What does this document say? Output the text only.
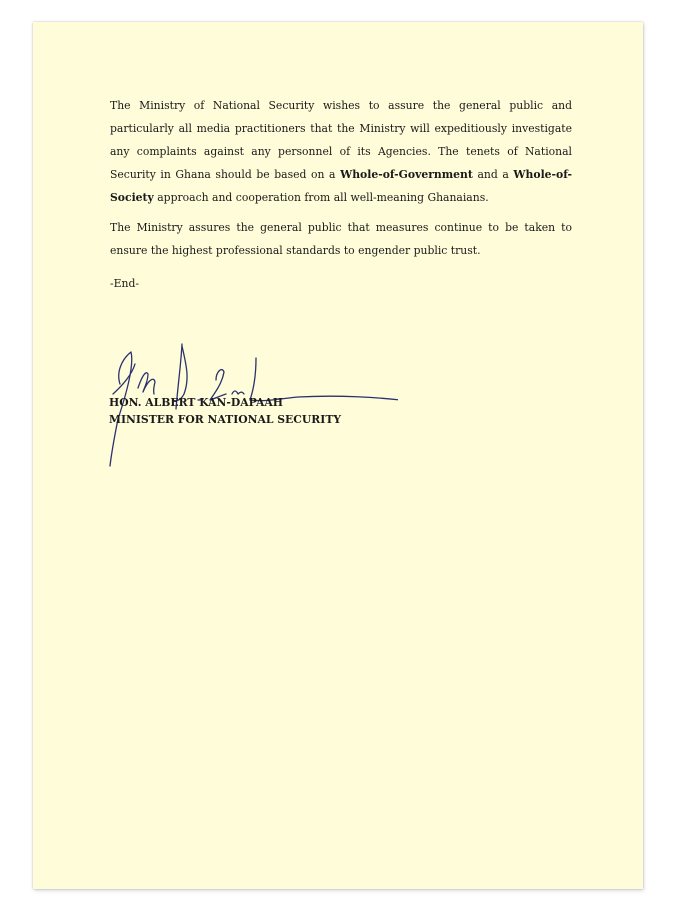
The Ministry of National Security wishes to assure the general public and particularly all media practitioners that the Ministry will expeditiously investigate any complaints against any personnel of its Agencies. The tenets of National Security in Ghana should be based on a Whole-of-Government and a Whole-of-Society approach and cooperation from all well-meaning Ghanaians.

The Ministry assures the general public that measures continue to be taken to ensure the highest professional standards to engender public trust.

-End-

HON. ALBERT KAN-DAPAAH
MINISTER FOR NATIONAL SECURITY
